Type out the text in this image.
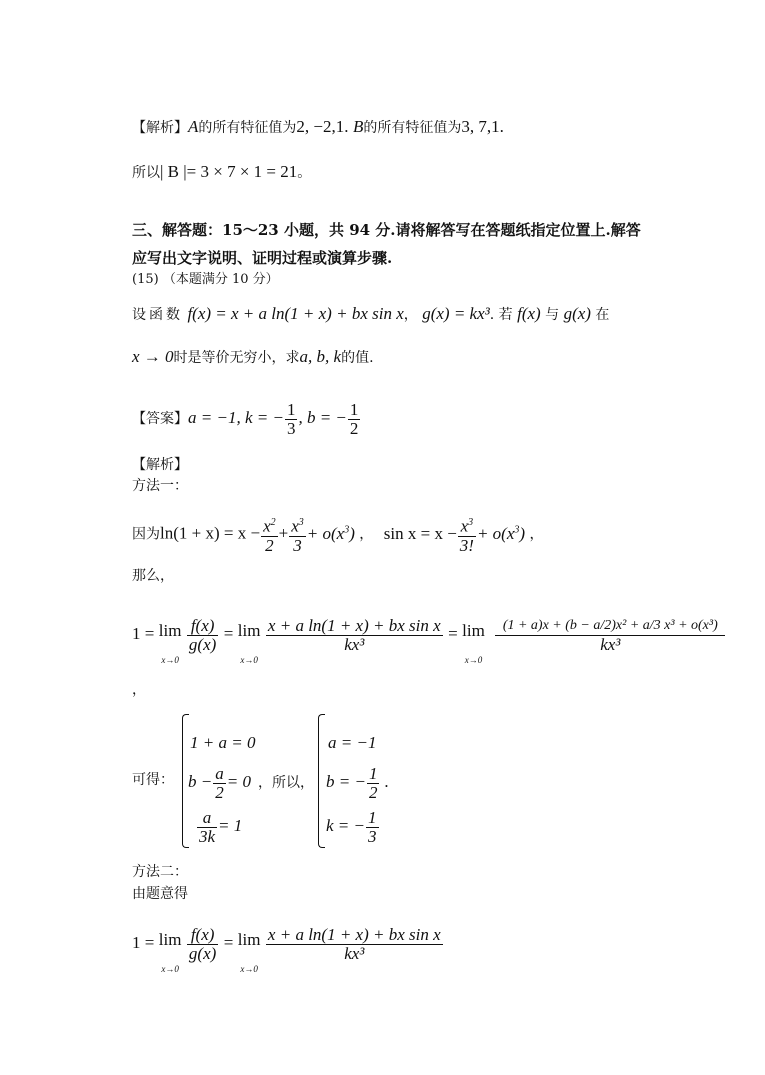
【解析】A的所有特征值为2, −2,1. B的所有特征值为3, 7,1.
所以| B |= 3 × 7 × 1 = 21。
三、解答题：15～23 小题，共 94 分.请将解答写在答题纸指定位置上.解答
应写出文字说明、证明过程或演算步骤.
(15) （本题满分 10 分）
设函数 f(x) = x + a ln(1 + x) + bx sin x， g(x) = kx³. 若 f(x) 与 g(x) 在
x → 0时是等价无穷小，求a, b, k的值.
【答案】a = −1, k = − $\frac{1}{3}$ , b = − $\frac{1}{2}$
【解析】
方法一：
因为$\ln(1 + x) = x - \frac{x^2}{2} + \frac{x^3}{3} + o(x^3)$ ， $\sin x = x - \frac{x^3}{3!} + o(x^3)$ ，
那么，
1 = lim
x→0

$\frac{f(x)}{g(x)} = \lim$
x→0

$\frac{\text{x + a ln(1 + x) + bx sin x}}{\text{kx³}} = \lim$
x→0

$\frac{\text{(1 + a)x + (b − a/2)x² + a/3 x³ + o(x³)}}{\text{kx³}}$
，
可得：
1 + a = 0
$b - \frac{a}{2} = 0$
$\frac{a}{3k} = 1$
，所以，
a = −1
b = − $\frac{1}{2}$ .
k = − $\frac{1}{3}$
方法二：
由题意得
1 = lim
x→0

$\frac{f(x)}{g(x)} = \lim$
x→0

$\frac{\text{x + a ln(1 + x) + bx sin x}}{\text{kx³}}$
